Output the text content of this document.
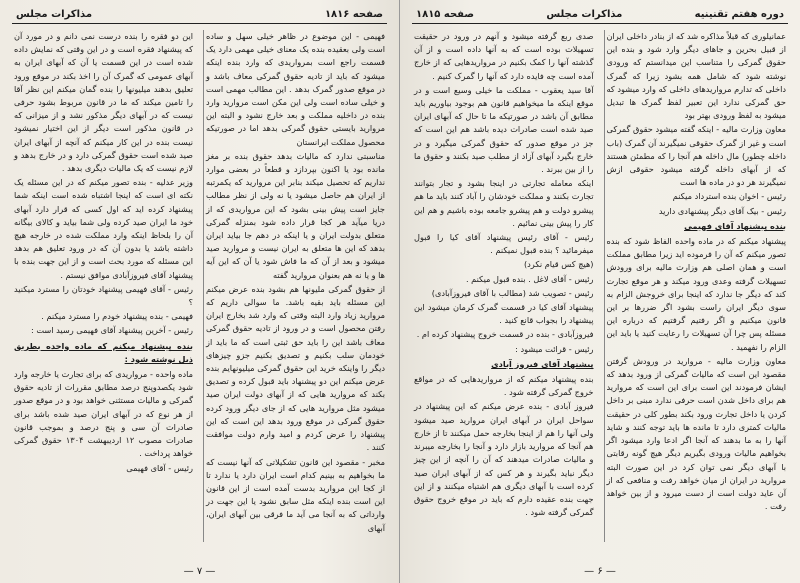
صفحه ۱۸۱۶
مذاکرات مجلس

فهیمی - این موضوع در ظاهر خیلی سهل و ساده است ولی بعقیده بنده یک معنای خیلی مهمی دارد یک قسمت راجع است بمرواریدی که وارد بنده اینکه میشود که باید از تادیه حقوق گمرکی معاف باشد و در موقع صدور گمرک بدهد . این مطالب مهمی است و خیلی ساده است ولی این مکن است مروارید وارد بنده در داخلیه مملکت و بعد خارج نشود و البته این مروارید بایستی حقوق گمرکی بدهد اما در صورتیکه محصول مملکت ایرانستان

مناسبتی ندارد که مالیات بدهد حقوق بنده بر مغز مانده بود یا اکنون بپردازد و قطعاً در بعضی موارد نداریم که تحصیل میکند بنابر این مروارید که یکمرتبه از ایران هم حاصل میشود یا نه ولی از نظر مطالب جایز است پیش بینی بشود که این مرواریدی که از دریا میآید هر کجا قرار داده شود بمنزله گمرکی متعلق بدولت ایران و یا اینکه در دهم جا بیاید ایران بدهد که این ها متعلق به ایران نیست و مروارید صید میشود و بعد از آن که ما فاش شود یا آن که این آیه ها و یا نه هم بعنوان مروارید گفته

از حقوق گمرکی ملیونها هم بشود بنده عرض میکنم این مسئله باید بقیه باشد. ما سوالی داریم که مروارید زیاد وارد البته وقتی که وارد شد بخارج ایران رفتن محصول است و در ورود از تادیه حقوق گمرکی معاف باشد این را باید حق ثبتی است که ما باید از خودمان سلب بکنیم و تصدیق بکنیم جزو چیزهای دیگر را واینکه خرید این حقوق گمرکی میلیونهایم بنده عرض میکنم این دو پیشنهاد باید قبول کرده و تصدیق بکند که مروارید هایی که از آبهای دولت ایران صید میشود مثل مروارید هایی که از جای دیگر ورود کرده حقوق گمرکی در موقع ورود بدهد این است که این پیشنهاد را عرض کردم و امید وارم دولت موافقت کنند .

مخبر - مقصود این قانون تشکیلاتی که آنها نیست که ما بخواهیم به بینیم کدام است ایران دارد یا ندارد تا از کجا این مروارید بدست آمده است از این قانون این است بنده اینکه مثل سابق نشود یا این جهت در وارداتی که به آنجا می آید ما فرقی بین آبهای ایران، آبهای

این دو فقره را بنده درست نمی دانم و در مورد آن که پیشنهاد فقره است و در این وقتی که نمایش داده شده است در این قسمت یا آن که آبهای ایران به آبهای عمومی که گمرک آن را اخذ بکند در موقع ورود تعلیق بدهند میلیونها را بنده گمان میکنم این نظر آقا را تامین میکند که ما در قانون مربوط بشود حرفی نیست که در آبهای دیگر مذکور نشد و از میزانی که در قانون مذکور است دیگر از این اختیار نمیشود نیست بنده در این کار میکنم که آنچه از آبهای ایران صید شده است حقوق گمرکی دارد و در خارج بدهد و لازم نیست که یک مالیات دیگری بدهد .

وزیر عدلیه - بنده تصور میکنم که در این مسئله یک نکته ای است که اینجا اشتباه شده است اینکه شما پیشنهاد کرده اید که اول کسی که قرار دارد آبهای خود ما ایران صید کرده ولی شما بیاید و کالای بیگانه آن را بلحاظ اینکه وارد مملکت شده در خارجه هیچ داشته باشد یا بدون آن که در ورود تعلیق هم بدهد این مسئله که مورد بحث است و از این جهت بنده با پیشنهاد آقای فیروزآبادی موافق نیستم .

رئیس - آقای فهیمی پیشنهاد خودتان را مسترد میکنید ؟

فهیمی - بنده پیشنهاد خودم را مسترد میکنم .

رئیس - آخرین پیشنهاد آقای فهیمی رسید است :

بنده پیشنهاد میکنم که ماده واحده بطریق ذیل نوشته شود :

ماده واحده - مرواریدی که برای تجارت یا خارجه وارد شود یکصدوپنج درصد مطابق مقررات از تادیه حقوق گمرکی و مالیات مستثنی خواهد بود و در موقع صدور از هر نوع که در آبهای ایران صید شده باشد برای صادرات آن سی و پنج درصد و بموجب قانون صادرات مصوب ۱۲ اردیبهشت ۱۳۰۴ حقوق گمرکی خواهد پرداخت .

رئیس - آقای فهیمی

— ۷ —
دوره هفتم تقنینیه
مذاکرات مجلس
صفحه ۱۸۱۵

عمانیلوری که قبلاً مذاکره شد که از بنادر داخلی ایران از قبیل بحرین و جاهای دیگر وارد شود و بنده این حقوق گمرکی را متناسب این میدانستم که ورودی نوشته شود که شامل همه بشود زیرا که گمرک داخلی که تدارم مرواریدهای داخلی که وارد میشود که حق گمرکی ندارد این تعبیر لفظ گمرک ها تبدیل میشود به لفظ ورودی بهتر بود

معاون وزارت مالیه - اینکه گفته میشود حقوق گمرکی است و غیر از گمرک حقوقی نمیگیرند آن گمرک (باب داخله چطور) مال داخله هم آنجا را که مطمئن هستند که از آبهای داخله گرفته میشود حقوقی ازش نمیگیرند هر دو در ماده ها است

رئیس - اخوان بنده استرداد میکنم

رئیس - بیک آقای دیگر پیشنهادی دارید

بنده پیشنهاد آقای فهیمی

پیشنهاد میکنم که در ماده واحده الفاظ شود که بنده تصور میکنم که آن را فرموده اید زیرا مطابق مملکت است و همان اصلی هم وزارت مالیه برای ورودش تسهیلات گرفته وعدی ورود میکند و هر موقع تجارت کند که دیگر جا ندارد که اینجا برای خروجش الزام به سوی دیگر ایران راست بشود اگر ضررها بر این قانون میکنیم و اگر رفتیم گرفتیم که درباره این مسئله پس چرا آن تسهیلات را رعایت کنید یا باید این الزام را نفهمید .

معاون وزارت مالیه - مروارید در ورودش گرفتن مقصود این است که مالیات گمرکی از ورود بدهد که ایشان فرمودند این است برای این است که مروارید هم برای داخل شدن است حرفی ندارد مبنی بر داخل کردن یا داخل تجارت ورود بکند بطور کلی در حقیقت مالیات کمتری دارد تا مانده ها باید توجه کنند و شاید آنها را به ما بدهند که آنجا اگر ادعا وارد میشود اگر بخواهیم مالیات ورودی بگیریم دیگر هیچ گونه رقابتی با آبهای دیگر نمی توان کرد در این صورت البته مروارید در ایران از میان خواهد رفت و منافعی که از آن عاید دولت است از دست میرود و از بین خواهد رفت .

صدی ربع گرفته میشود و آنهم در ورود در حقیقت تسهیلات بوده است که به آنها داده است و از آن گذشته آنها را کمک بکنیم در مرواریدهایی که از خارج آمده است چه فایده دارد که آنها را گمرک کنیم .

آقا سید یعقوب - مملکت ما خیلی وسیع است و در موقع اینکه ما میخواهیم قانون هم بوجود بیاوریم باید مطابق آن باشد در صورتیکه ما تا حال که آبهای ایران صید شده است صادرات دیده باشد هم این است که جز در موقع صدور که حقوق گمرکی میگیرد و در خارج بگیرد آبهای آزاد از مطلب صید بکنند و حقوق ما را از بین ببرند .

اینکه معامله تجارتی در اینجا بشود و تجار بتوانند تجارت بکنند و مملکت خودشان را آباد کنند باید ما هم پیشرو دولت و هم پیشرو جامعه بوده باشیم و هم این کار را پیش بینی نمائیم .

رئیس - آقای رئیس پیشنهاد آقای کیا را قبول میفرمائید ؟ بنده قبول نمیکنم .

(هیچ کس قیام نکرد)

رئیس - آقای لاغل . بنده قبول میکنم .

رئیس - تصویب شد (مطالب با آقای فیروزآبادی)

پیشنهاد آقای کیا در قسمت گمرک کرمان میشود این پیشنهاد را بجواب قانع کنید .

فیروزآبادی - بنده در قسمت خروج پیشنهاد کرده ام .

رئیس - قرائت میشود :

پیشنهاد آقای فیروز آبادی

بنده پیشنهاد میکنم که از مرواریدهایی که در مواقع خروج گمرکی گرفته شود .

فیروز آبادی - بنده عرض میکنم که این پیشنهاد در سواحل ایران در آبهای ایران مروارید صید میشود ولی آنها را هم از اینجا بخارجه حمل میکنند تا از خارج هم آنجا که مروارید بازار دارد و آنجا را بخارجه میبرند و مالیات صادرات میدهند که آن را آنچه از این چیز دیگر نباید بگیرند و هر کس که از آبهای ایران صید کرده است با آبهای دیگری هم اشتباه میکنند و از این جهت بنده عقیده دارم که باید در موقع خروج حقوق گمرکی گرفته شود .

— ۶ —
